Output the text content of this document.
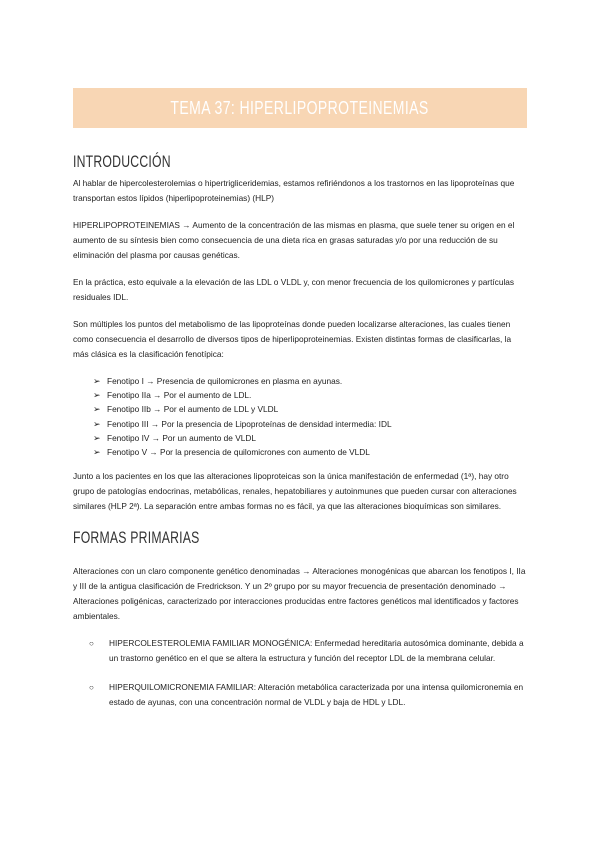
TEMA 37: HIPERLIPOPROTEINEMIAS
INTRODUCCIÓN

Al hablar de hipercolesterolemias o hipertrigliceridemias, estamos refiriéndonos a los trastornos en las lipoproteínas que transportan estos lípidos (hiperlipoproteinemias) (HLP)

HIPERLIPOPROTEINEMIAS → Aumento de la concentración de las mismas en plasma, que suele tener su origen en el aumento de su síntesis bien como consecuencia de una dieta rica en grasas saturadas y/o por una reducción de su eliminación del plasma por causas genéticas.

En la práctica, esto equivale a la elevación de las LDL o VLDL y, con menor frecuencia de los quilomicrones y partículas residuales IDL.

Son múltiples los puntos del metabolismo de las lipoproteínas donde pueden localizarse alteraciones, las cuales tienen como consecuencia el desarrollo de diversos tipos de hiperlipoproteinemias. Existen distintas formas de clasificarlas, la más clásica es la clasificación fenotípica:

➢ Fenotipo I → Presencia de quilomicrones en plasma en ayunas.
➢ Fenotipo IIa → Por el aumento de LDL.
➢ Fenotipo IIb → Por el aumento de LDL y VLDL
➢ Fenotipo III → Por la presencia de Lipoproteínas de densidad intermedia: IDL
➢ Fenotipo IV → Por un aumento de VLDL
➢ Fenotipo V → Por la presencia de quilomicrones con aumento de VLDL

Junto a los pacientes en los que las alteraciones lipoproteicas son la única manifestación de enfermedad (1ª), hay otro grupo de patologías endocrinas, metabólicas, renales, hepatobiliares y autoinmunes que pueden cursar con alteraciones similares (HLP 2ª). La separación entre ambas formas no es fácil, ya que las alteraciones bioquímicas son similares.

FORMAS PRIMARIAS

Alteraciones con un claro componente genético denominadas → Alteraciones monogénicas que abarcan los fenotipos I, IIa y III de la antigua clasificación de Fredrickson. Y un 2º grupo por su mayor frecuencia de presentación denominado → Alteraciones poligénicas, caracterizado por interacciones producidas entre factores genéticos mal identificados y factores ambientales.

○	HIPERCOLESTEROLEMIA FAMILIAR MONOGÉNICA: Enfermedad hereditaria autosómica dominante, debida a un trastorno genético en el que se altera la estructura y función del receptor LDL de la membrana celular.
○	HIPERQUILOMICRONEMIA FAMILIAR: Alteración metabólica caracterizada por una intensa quilomicronemia en estado de ayunas, con una concentración normal de VLDL y baja de HDL y LDL.
